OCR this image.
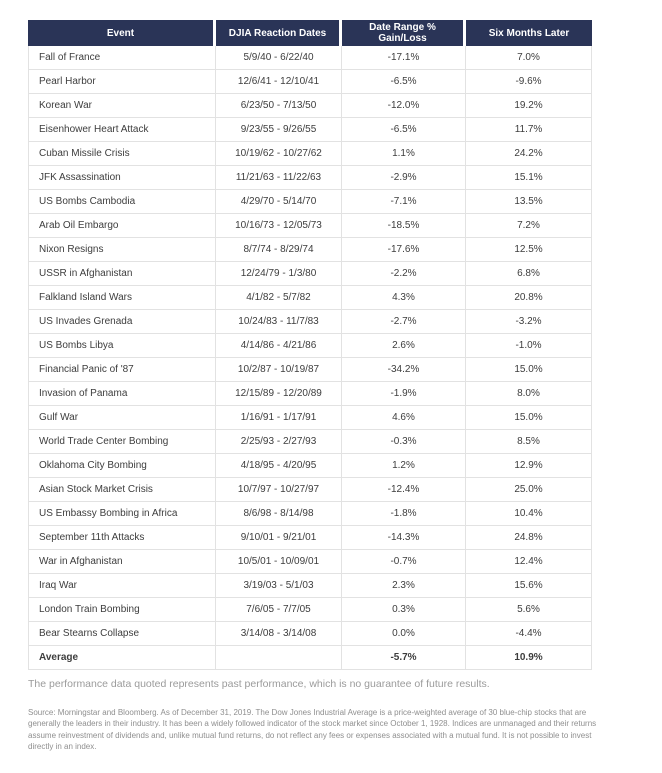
Event	DJIA Reaction Dates	Date Range % Gain/Loss	Six Months Later
Fall of France	5/9/40 - 6/22/40	-17.1%	7.0%
Pearl Harbor	12/6/41 - 12/10/41	-6.5%	-9.6%
Korean War	6/23/50 - 7/13/50	-12.0%	19.2%
Eisenhower Heart Attack	9/23/55 - 9/26/55	-6.5%	11.7%
Cuban Missile Crisis	10/19/62 - 10/27/62	1.1%	24.2%
JFK Assassination	11/21/63 - 11/22/63	-2.9%	15.1%
US Bombs Cambodia	4/29/70 - 5/14/70	-7.1%	13.5%
Arab Oil Embargo	10/16/73 - 12/05/73	-18.5%	7.2%
Nixon Resigns	8/7/74 - 8/29/74	-17.6%	12.5%
USSR in Afghanistan	12/24/79 - 1/3/80	-2.2%	6.8%
Falkland Island Wars	4/1/82 - 5/7/82	4.3%	20.8%
US Invades Grenada	10/24/83 - 11/7/83	-2.7%	-3.2%
US Bombs Libya	4/14/86 - 4/21/86	2.6%	-1.0%
Financial Panic of '87	10/2/87 - 10/19/87	-34.2%	15.0%
Invasion of Panama	12/15/89 - 12/20/89	-1.9%	8.0%
Gulf War	1/16/91 - 1/17/91	4.6%	15.0%
World Trade Center Bombing	2/25/93 - 2/27/93	-0.3%	8.5%
Oklahoma City Bombing	4/18/95 - 4/20/95	1.2%	12.9%
Asian Stock Market Crisis	10/7/97 - 10/27/97	-12.4%	25.0%
US Embassy Bombing in Africa	8/6/98 - 8/14/98	-1.8%	10.4%
September 11th Attacks	9/10/01 - 9/21/01	-14.3%	24.8%
War in Afghanistan	10/5/01 - 10/09/01	-0.7%	12.4%
Iraq War	3/19/03 - 5/1/03	2.3%	15.6%
London Train Bombing	7/6/05 - 7/7/05	0.3%	5.6%
Bear Stearns Collapse	3/14/08 - 3/14/08	0.0%	-4.4%
Average		-5.7%	10.9%

The performance data quoted represents past performance, which is no guarantee of future results.

Source: Morningstar and Bloomberg. As of December 31, 2019. The Dow Jones Industrial Average is a price-weighted average of 30 blue-chip stocks that are generally the leaders in their industry. It has been a widely followed indicator of the stock market since October 1, 1928. Indices are unmanaged and their returns assume reinvestment of dividends and, unlike mutual fund returns, do not reflect any fees or expenses associated with a mutual fund. It is not possible to invest directly in an index.
